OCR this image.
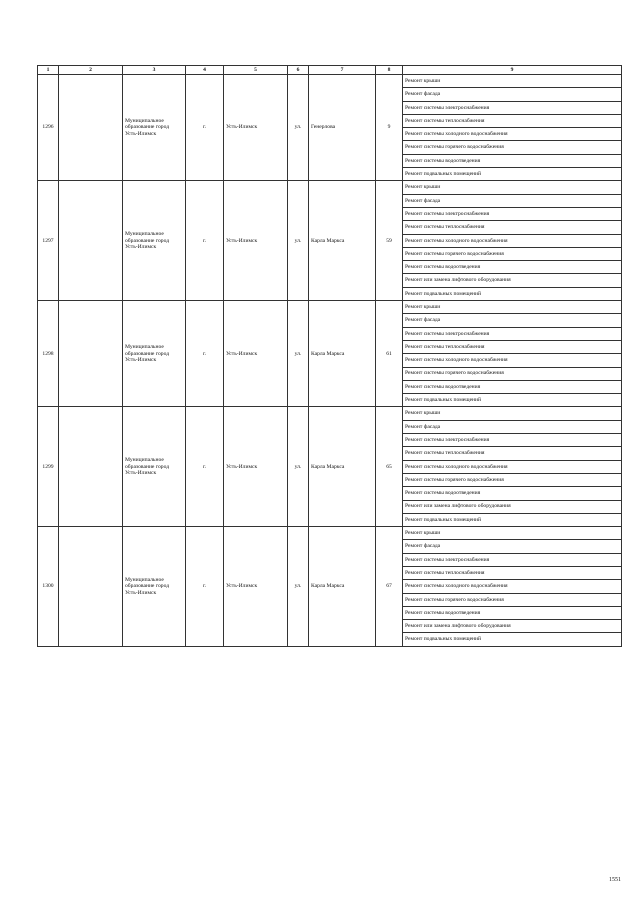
1	2	3	4	5	6	7	8	9
1296		Муниципальное образование город Усть-Илимск	г.	Усть-Илимск	ул.	Генерлова	9	Ремонт крыши
								Ремонт фасада
								Ремонт системы электроснабжения
								Ремонт системы теплоснабжения
								Ремонт системы холодного водоснабжения
								Ремонт системы горячего водоснабжения
								Ремонт системы водоотведения
								Ремонт подвальных помещений
1297		Муниципальное образование город Усть-Илимск	г.	Усть-Илимск	ул.	Карла Маркса	59	Ремонт крыши
								Ремонт фасада
								Ремонт системы электроснабжения
								Ремонт системы теплоснабжения
								Ремонт системы холодного водоснабжения
								Ремонт системы горячего водоснабжения
								Ремонт системы водоотведения
								Ремонт или замена лифтового оборудования
								Ремонт подвальных помещений
1298		Муниципальное образование город Усть-Илимск	г.	Усть-Илимск	ул.	Карла Маркса	61	Ремонт крыши
								Ремонт фасада
								Ремонт системы электроснабжения
								Ремонт системы теплоснабжения
								Ремонт системы холодного водоснабжения
								Ремонт системы горячего водоснабжения
								Ремонт системы водоотведения
								Ремонт подвальных помещений
1299		Муниципальное образование город Усть-Илимск	г.	Усть-Илимск	ул.	Карла Маркса	65	Ремонт крыши
								Ремонт фасада
								Ремонт системы электроснабжения
								Ремонт системы теплоснабжения
								Ремонт системы холодного водоснабжения
								Ремонт системы горячего водоснабжения
								Ремонт системы водоотведения
								Ремонт или замена лифтового оборудования
								Ремонт подвальных помещений
1300		Муниципальное образование город Усть-Илимск	г.	Усть-Илимск	ул.	Карла Маркса	67	Ремонт крыши
								Ремонт фасада
								Ремонт системы электроснабжения
								Ремонт системы теплоснабжения
								Ремонт системы холодного водоснабжения
								Ремонт системы горячего водоснабжения
								Ремонт системы водоотведения
								Ремонт или замена лифтового оборудования
								Ремонт подвальных помещений
1551
